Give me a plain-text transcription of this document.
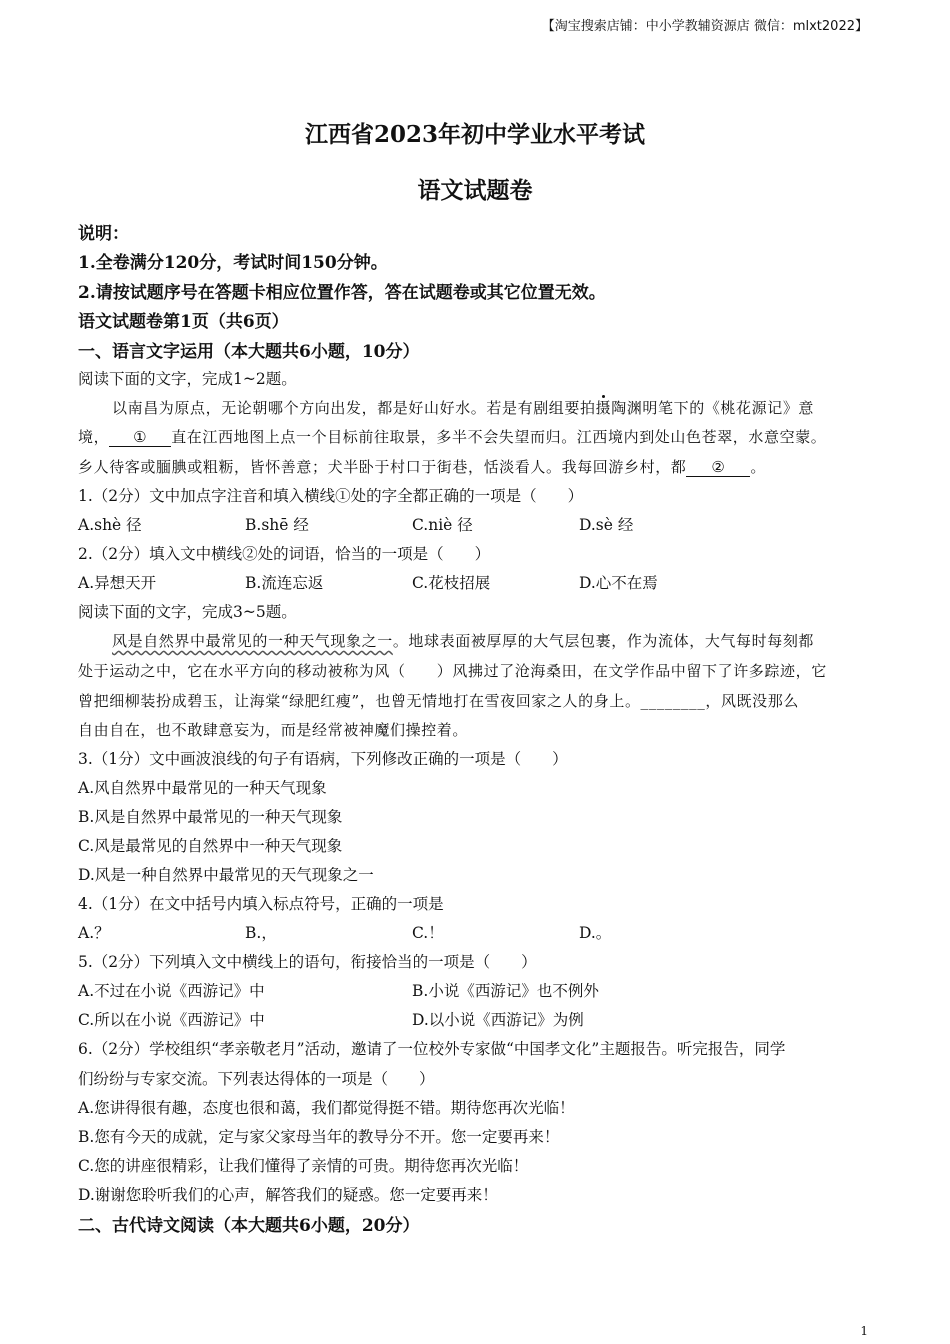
【淘宝搜索店铺：中小学教辅资源店 微信：mlxt2022】
江西省2023年初中学业水平考试
语文试题卷
说明：
1.全卷满分120分，考试时间150分钟。
2.请按试题序号在答题卡相应位置作答，答在试题卷或其它位置无效。
语文试题卷第1页（共6页）
一、语言文字运用（本大题共6小题，10分）
阅读下面的文字，完成1~2题。
以南昌为原点，无论朝哪个方向出发，都是好山好水。若是有剧组要拍摄陶渊明笔下的《桃花源记》意
境， ① 直在江西地图上点一个目标前往取景，多半不会失望而归。江西境内到处山色苍翠，水意空蒙。
乡人待客或腼腆或粗粝，皆怀善意；犬半卧于村口于街巷，恬淡看人。我每回游乡村，都 ② 。
1.（2分）文中加点字注音和填入横线①处的字全都正确的一项是（　　）
A.shè 径	B.shē 经	C.niè 径	D.sè 经
2.（2分）填入文中横线②处的词语，恰当的一项是（　　）
A.异想天开	B.流连忘返	C.花枝招展	D.心不在焉
阅读下面的文字，完成3~5题。
风是自然界中最常见的一种天气现象之一。地球表面被厚厚的大气层包裹，作为流体，大气每时每刻都
处于运动之中，它在水平方向的移动被称为风（　　）风拂过了沧海桑田，在文学作品中留下了许多踪迹，它
曾把细柳装扮成碧玉，让海棠“绿肥红瘦”，也曾无情地打在雪夜回家之人的身上。________，风既没那么
自由自在，也不敢肆意妄为，而是经常被神魔们操控着。
3.（1分）文中画波浪线的句子有语病，下列修改正确的一项是（　　）
A.风自然界中最常见的一种天气现象
B.风是自然界中最常见的一种天气现象
C.风是最常见的自然界中一种天气现象
D.风是一种自然界中最常见的天气现象之一
4.（1分）在文中括号内填入标点符号，正确的一项是
A.？	B.，	C.！	D.。
5.（2分）下列填入文中横线上的语句，衔接恰当的一项是（　　）
A.不过在小说《西游记》中	B.小说《西游记》也不例外
C.所以在小说《西游记》中	D.以小说《西游记》为例
6.（2分）学校组织“孝亲敬老月”活动，邀请了一位校外专家做“中国孝文化”主题报告。听完报告，同学
们纷纷与专家交流。下列表达得体的一项是（　　）
A.您讲得很有趣，态度也很和蔼，我们都觉得挺不错。期待您再次光临！
B.您有今天的成就，定与家父家母当年的教导分不开。您一定要再来！
C.您的讲座很精彩，让我们懂得了亲情的可贵。期待您再次光临！
D.谢谢您聆听我们的心声，解答我们的疑惑。您一定要再来！
二、古代诗文阅读（本大题共6小题，20分）
1
